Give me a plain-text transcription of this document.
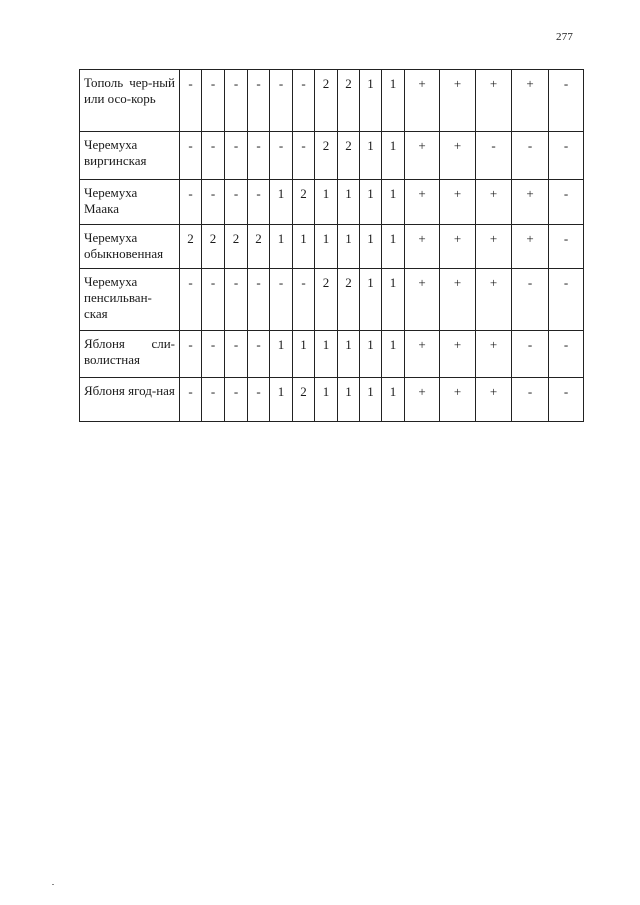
277
Тополь чер-ный или осо-корь	-	-	-	-	-	-	2	2	1	1	+	+	+	+	-
Черемуха виргинская	-	-	-	-	-	-	2	2	1	1	+	+	-	-	-
Черемуха Маака	-	-	-	-	1	2	1	1	1	1	+	+	+	+	-
Черемуха обыкновенная	2	2	2	2	1	1	1	1	1	1	+	+	+	+	-
Черемуха пенсильван-ская	-	-	-	-	-	-	2	2	1	1	+	+	+	-	-
Яблоня сли-волистная	-	-	-	-	1	1	1	1	1	1	+	+	+	-	-
Яблоня ягод-ная	-	-	-	-	1	2	1	1	1	1	+	+	+	-	-
